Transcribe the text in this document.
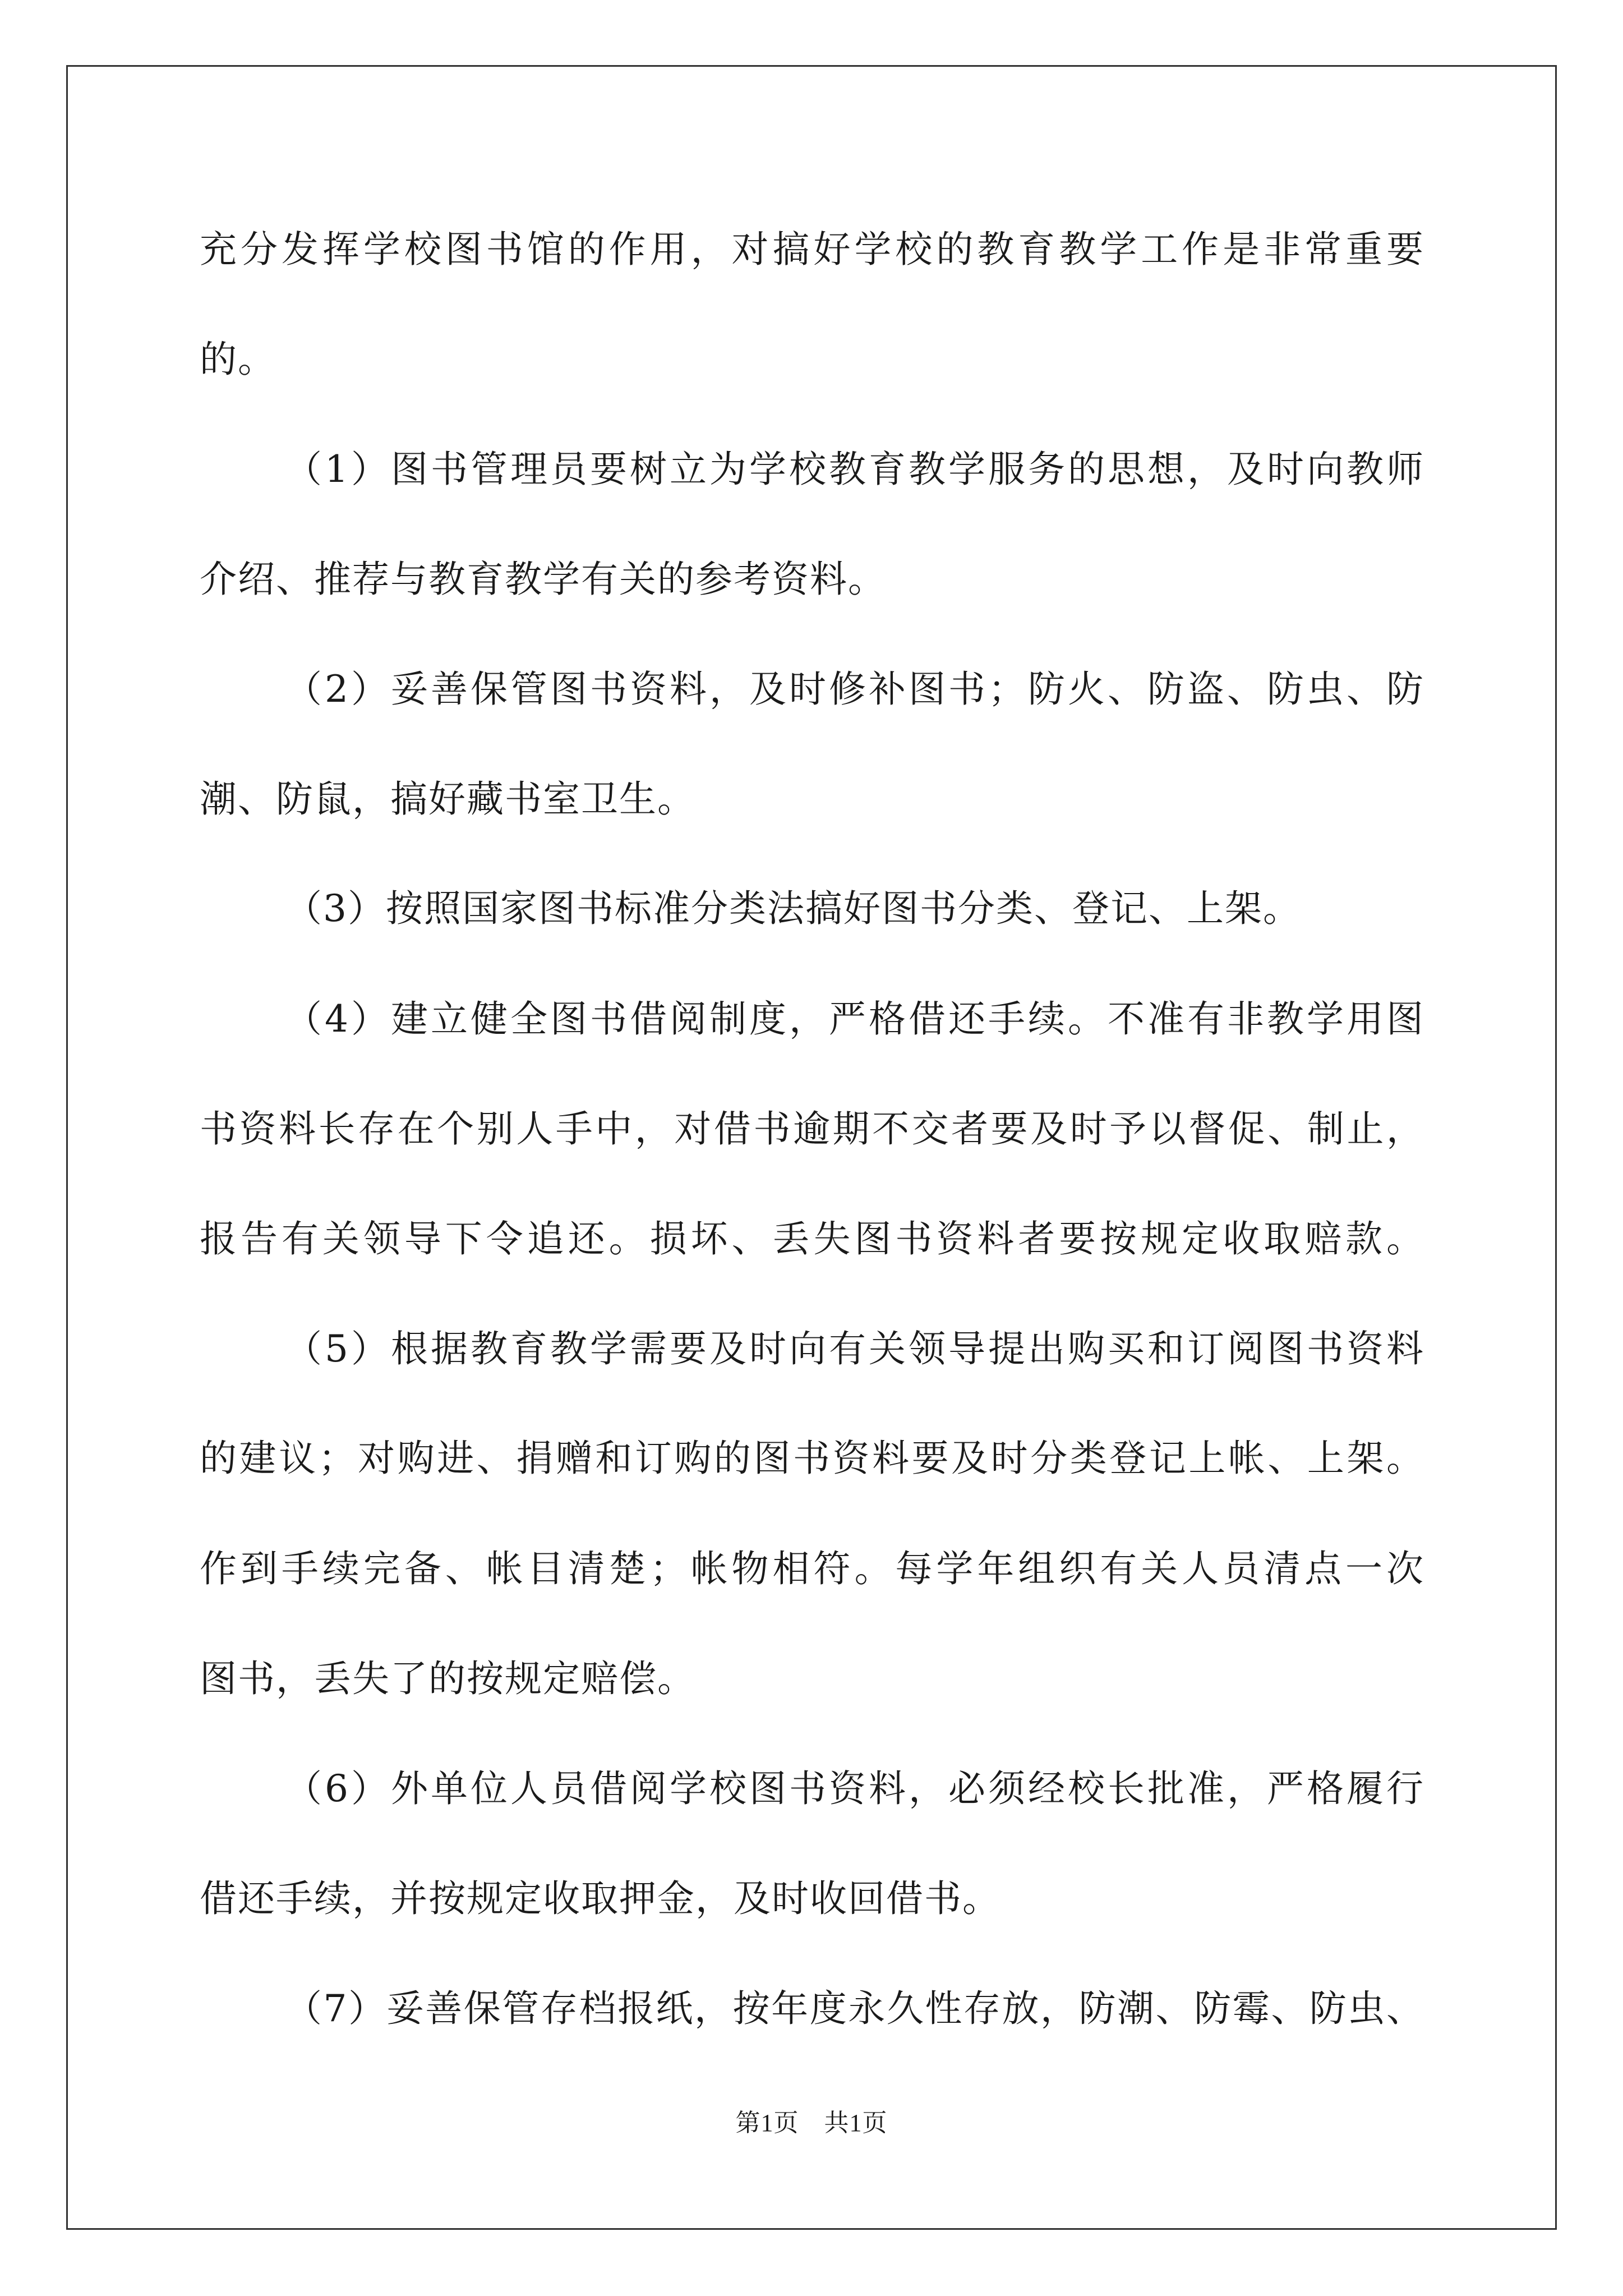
充分发挥学校图书馆的作用，对搞好学校的教育教学工作是非常重要
的。
（1）图书管理员要树立为学校教育教学服务的思想，及时向教师
介绍、推荐与教育教学有关的参考资料。
（2）妥善保管图书资料，及时修补图书；防火、防盗、防虫、防
潮、防鼠，搞好藏书室卫生。
（3）按照国家图书标准分类法搞好图书分类、登记、上架。
（4）建立健全图书借阅制度，严格借还手续。不准有非教学用图
书资料长存在个别人手中，对借书逾期不交者要及时予以督促、制止，
报告有关领导下令追还。损坏、丢失图书资料者要按规定收取赔款。
（5）根据教育教学需要及时向有关领导提出购买和订阅图书资料
的建议；对购进、捐赠和订购的图书资料要及时分类登记上帐、上架。
作到手续完备、帐目清楚；帐物相符。每学年组织有关人员清点一次
图书，丢失了的按规定赔偿。
（6）外单位人员借阅学校图书资料，必须经校长批准，严格履行
借还手续，并按规定收取押金，及时收回借书。
（7）妥善保管存档报纸，按年度永久性存放，防潮、防霉、防虫、
第1页　共1页
